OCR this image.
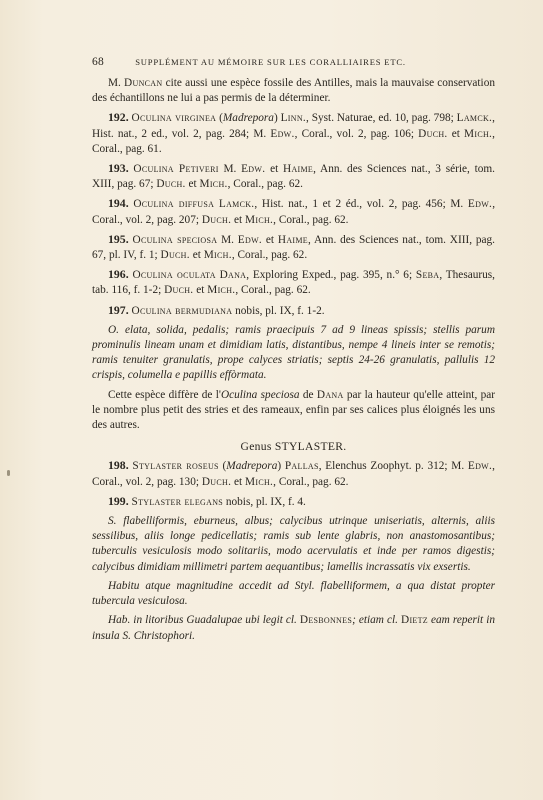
68	SUPPLÉMENT AU MÉMOIRE SUR LES CORALLIAIRES ETC.

M. Duncan cite aussi une espèce fossile des Antilles, mais la mauvaise conservation des échantillons ne lui a pas permis de la déterminer.

192. Oculina virginea (Madrepora) Linn., Syst. Naturae, ed. 10, pag. 798; Lamck., Hist. nat., 2 ed., vol. 2, pag. 284; M. Edw., Coral., vol. 2, pag. 106; Duch. et Mich., Coral., pag. 61.

193. Oculina Petiveri M. Edw. et Haime, Ann. des Sciences nat., 3 série, tom. XIII, pag. 67; Duch. et Mich., Coral., pag. 62.

194. Oculina diffusa Lamck., Hist. nat., 1 et 2 éd., vol. 2, pag. 456; M. Edw., Coral., vol. 2, pag. 207; Duch. et Mich., Coral., pag. 62.

195. Oculina speciosa M. Edw. et Haime, Ann. des Sciences nat., tom. XIII, pag. 67, pl. IV, f. 1; Duch. et Mich., Coral., pag. 62.

196. Oculina oculata Dana, Exploring Exped., pag. 395, n.° 6; Seba, Thesaurus, tab. 116, f. 1-2; Duch. et Mich., Coral., pag. 62.

197. Oculina bermudiana nobis, pl. IX, f. 1-2.

O. elata, solida, pedalis; ramis praecipuis 7 ad 9 lineas spissis; stellis parum prominulis lineam unam et dimidiam latis, distantibus, nempe 4 lineis inter se remotis; ramis tenuiter granulatis, prope calyces striatis; septis 24-26 granulatis, pallulis 12 crispis, columella e papillis effòrmata.

Cette espèce diffère de l'Oculina speciosa de Dana par la hauteur qu'elle atteint, par le nombre plus petit des stries et des rameaux, enfin par ses calices plus éloignés les uns des autres.

Genus STYLASTER.

198. Stylaster roseus (Madrepora) Pallas, Elenchus Zoophyt. p. 312; M. Edw., Coral., vol. 2, pag. 130; Duch. et Mich., Coral., pag. 62.

199. Stylaster elegans nobis, pl. IX, f. 4.

S. flabelliformis, eburneus, albus; calycibus utrinque uniseriatis, alternis, aliis sessilibus, aliis longe pedicellatis; ramis sub lente glabris, non anastomosantibus; tuberculis vesiculosis modo solitariis, modo acervulatis et inde per ramos digestis; calycibus dimidiam millimetri partem aequantibus; lamellis incrassatis vix exsertis.

Habitu atque magnitudine accedit ad Styl. flabelliformem, a qua distat propter tubercula vesiculosa.

Hab. in litoribus Guadalupae ubi legit cl. Desbonnes; etiam cl. Dietz eam reperit in insula S. Christophori.
